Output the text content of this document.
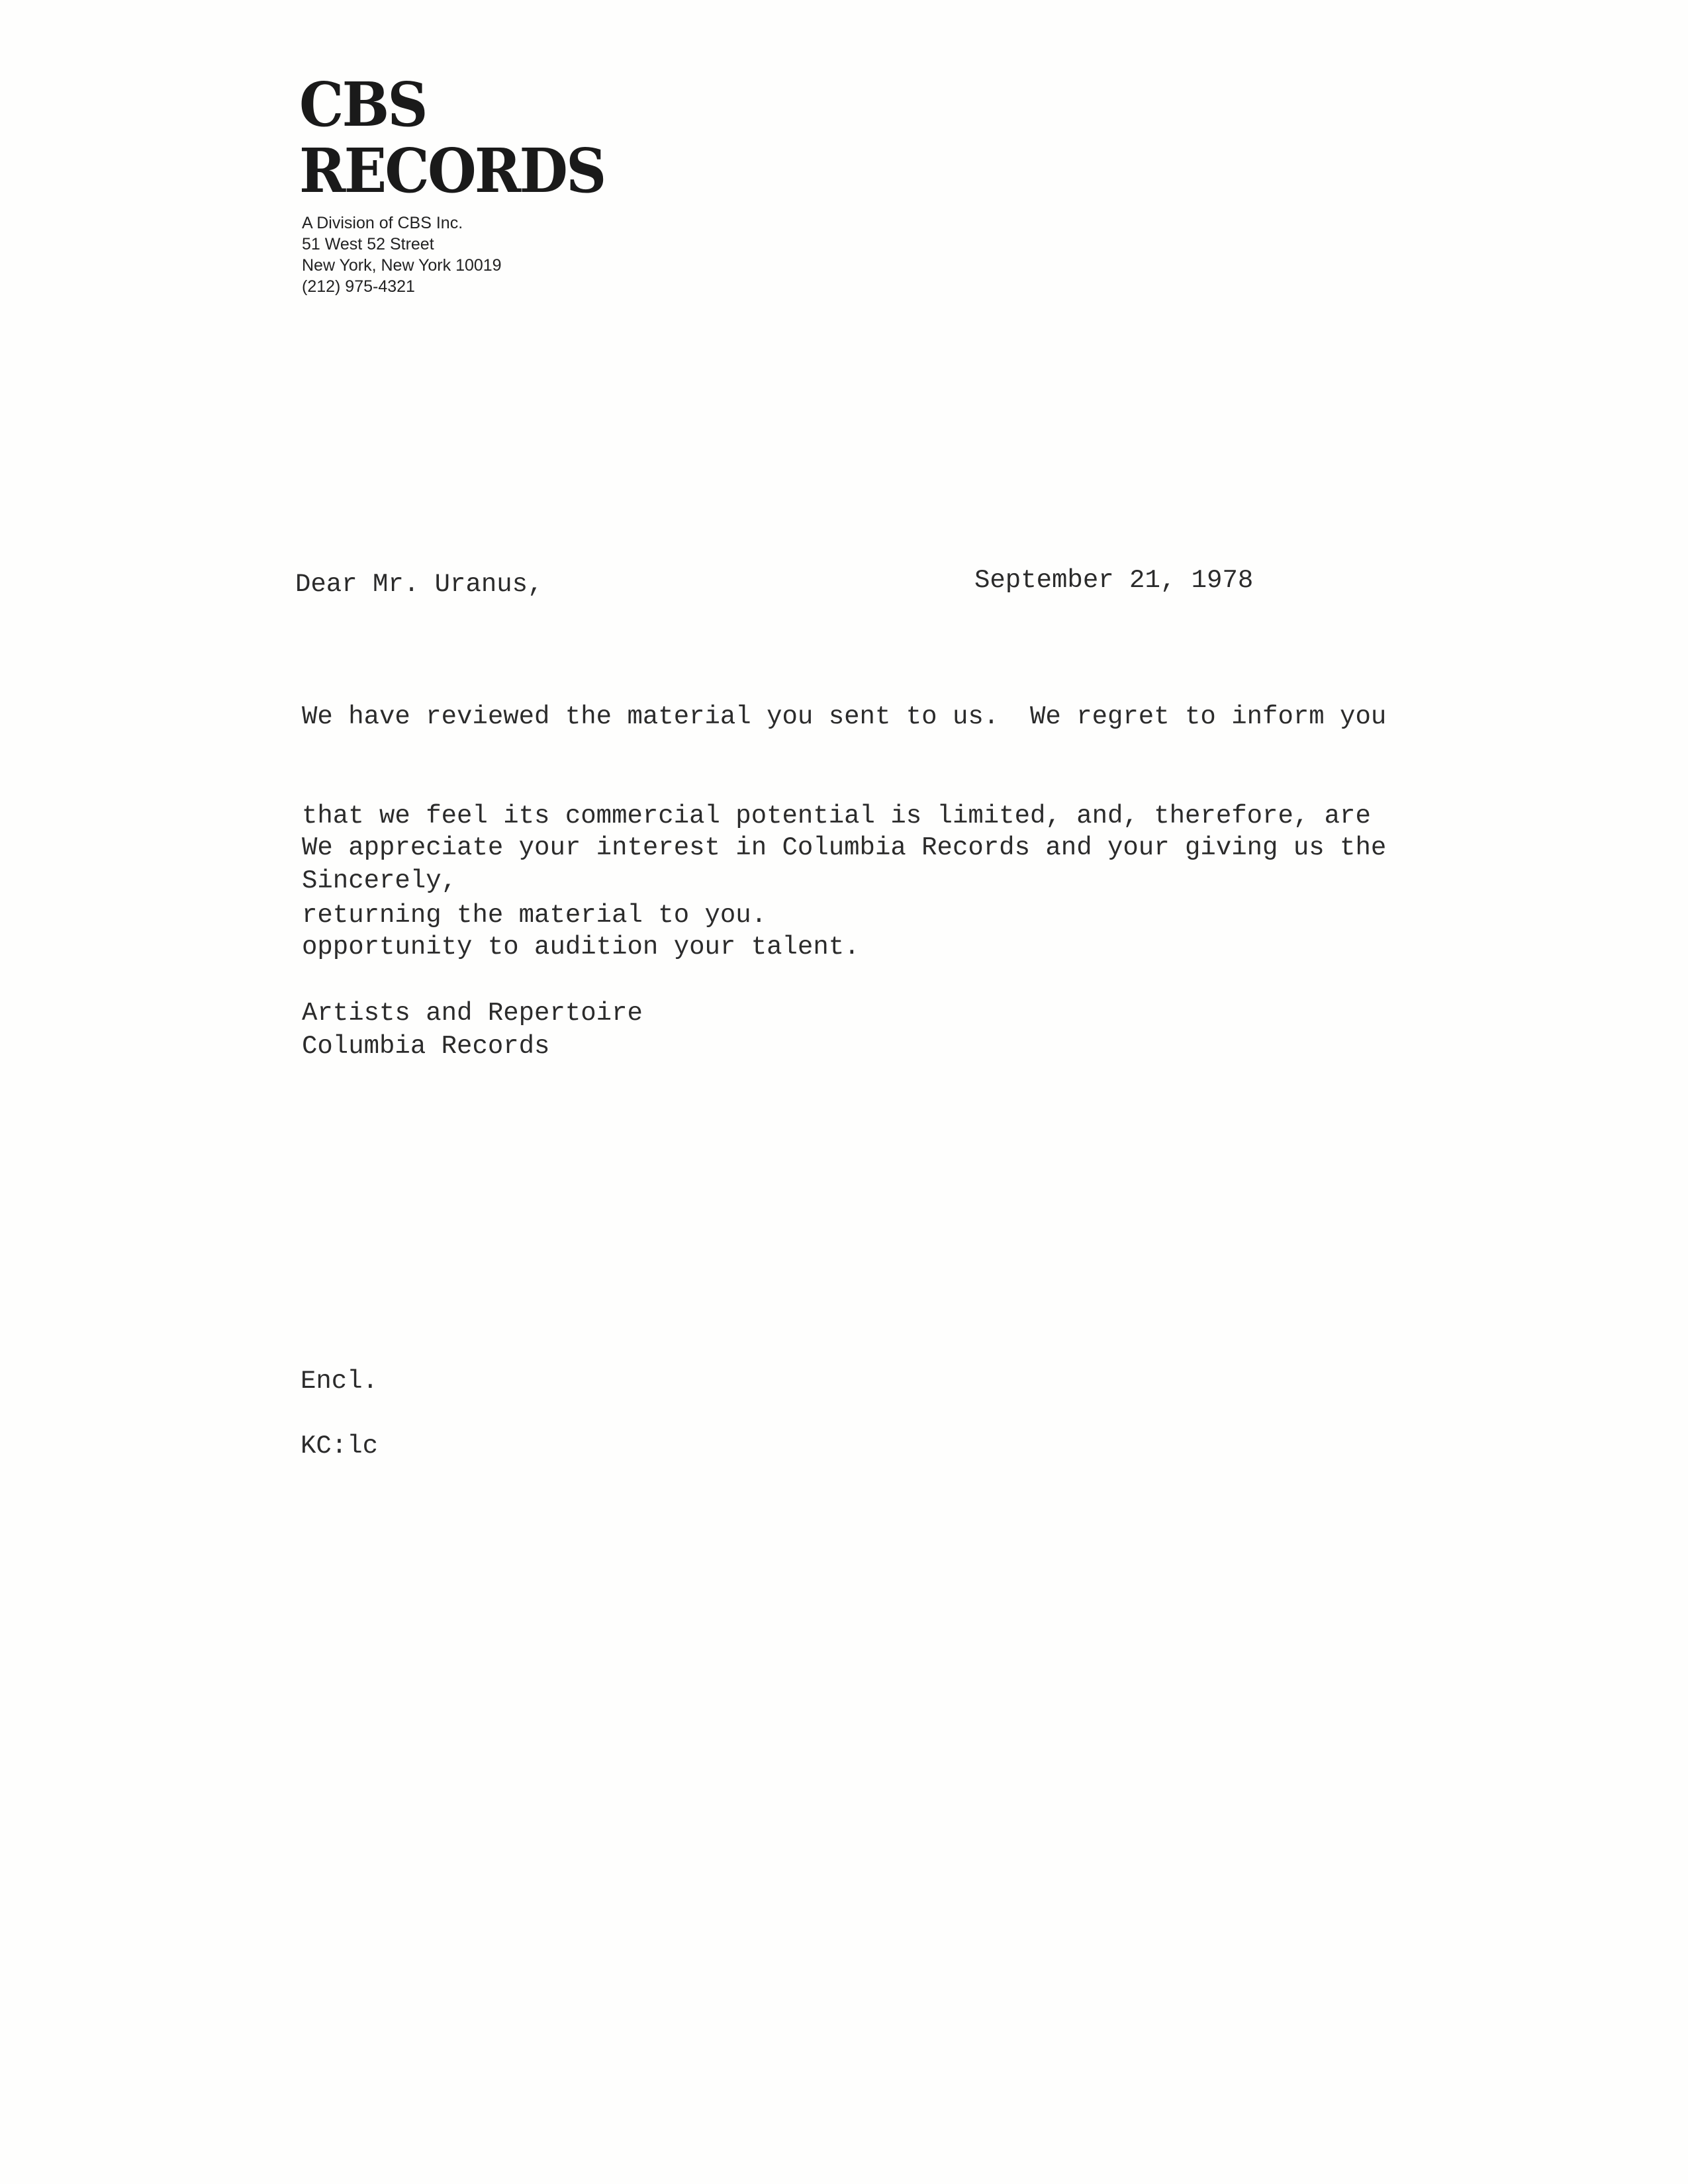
CBS
RECORDS
A Division of CBS Inc.
51 West 52 Street
New York, New York 10019
(212) 975-4321
Dear Mr. Uranus,	September 21, 1978

We have reviewed the material you sent to us.  We regret to inform you

that we feel its commercial potential is limited, and, therefore, are

returning the material to you.

We appreciate your interest in Columbia Records and your giving us the

opportunity to audition your talent.

Sincerely,
Artists and Repertoire
Columbia Records
Encl.
KC:lc
